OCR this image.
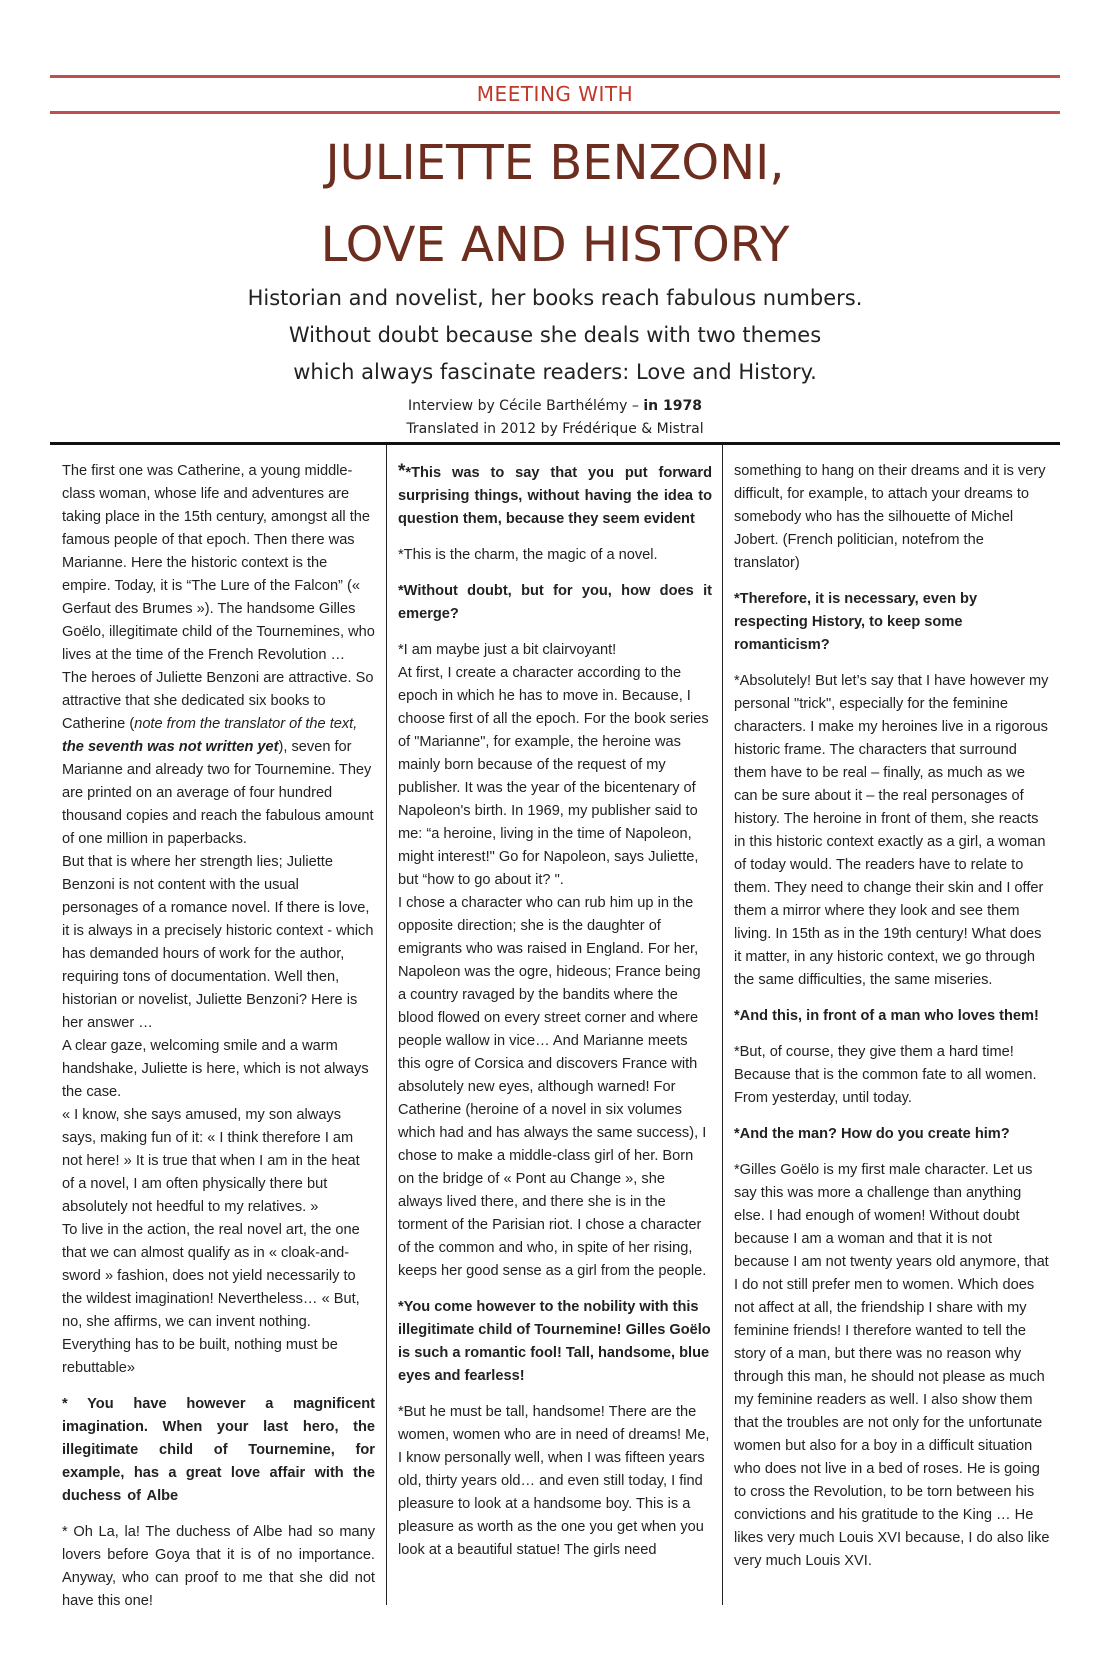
MEETING WITH
JULIETTE BENZONI,
LOVE AND HISTORY
Historian and novelist, her books reach fabulous numbers.
Without doubt because she deals with two themes
which always fascinate readers: Love and History.
Interview by Cécile Barthélémy – in 1978
Translated in 2012 by Frédérique & Mistral

The first one was Catherine, a young middle-class woman, whose life and adventures are taking place in the 15th century, amongst all the famous people of that epoch. Then there was Marianne. Here the historic context is the empire. Today, it is “The Lure of the Falcon” (« Gerfaut des Brumes »). The handsome Gilles Goëlo, illegitimate child of the Tournemines, who lives at the time of the French Revolution …

The heroes of Juliette Benzoni are attractive. So attractive that she dedicated six books to Catherine (note from the translator of the text, the seventh was not written yet), seven for Marianne and already two for Tournemine. They are printed on an average of four hundred thousand copies and reach the fabulous amount of one million in paperbacks.

But that is where her strength lies; Juliette Benzoni is not content with the usual personages of a romance novel. If there is love, it is always in a precisely historic context - which has demanded hours of work for the author, requiring tons of documentation. Well then, historian or novelist, Juliette Benzoni? Here is her answer …

A clear gaze, welcoming smile and a warm handshake, Juliette is here, which is not always the case.

« I know, she says amused, my son always says, making fun of it: « I think therefore I am not here! » It is true that when I am in the heat of a novel, I am often physically there but absolutely not heedful to my relatives. »

To live in the action, the real novel art, the one that we can almost qualify as in « cloak-and-sword » fashion, does not yield necessarily to the wildest imagination! Nevertheless… « But, no, she affirms, we can invent nothing. Everything has to be built, nothing must be rebuttable»

* You have however a magnificent imagination. When your last hero, the illegitimate child of Tournemine, for example, has a great love affair with the duchess of Albe

* Oh La, la! The duchess of Albe had so many lovers before Goya that it is of no importance. Anyway, who can proof to me that she did not have this one!

**This was to say that you put forward surprising things, without having the idea to question them, because they seem evident

*This is the charm, the magic of a novel.

*Without doubt, but for you, how does it emerge?

*I am maybe just a bit clairvoyant!

At first, I create a character according to the epoch in which he has to move in. Because, I choose first of all the epoch. For the book series of "Marianne", for example, the heroine was mainly born because of the request of my publisher. It was the year of the bicentenary of Napoleon's birth. In 1969, my publisher said to me: “a heroine, living in the time of Napoleon, might interest!" Go for Napoleon, says Juliette, but “how to go about it? ".

I chose a character who can rub him up in the opposite direction; she is the daughter of emigrants who was raised in England. For her, Napoleon was the ogre, hideous; France being a country ravaged by the bandits where the blood flowed on every street corner and where people wallow in vice… And Marianne meets this ogre of Corsica and discovers France with absolutely new eyes, although warned! For Catherine (heroine of a novel in six volumes which had and has always the same success), I chose to make a middle-class girl of her. Born on the bridge of « Pont au Change », she always lived there, and there she is in the torment of the Parisian riot. I chose a character of the common and who, in spite of her rising, keeps her good sense as a girl from the people.

*You come however to the nobility with this illegitimate child of Tournemine! Gilles Goëlo is such a romantic fool! Tall, handsome, blue eyes and fearless!

*But he must be tall, handsome! There are the women, women who are in need of dreams! Me, I know personally well, when I was fifteen years old, thirty years old… and even still today, I find pleasure to look at a handsome boy. This is a pleasure as worth as the one you get when you look at a beautiful statue! The girls need

something to hang on their dreams and it is very difficult, for example, to attach your dreams to somebody who has the silhouette of Michel Jobert. (French politician, notefrom the translator)

*Therefore, it is necessary, even by respecting History, to keep some romanticism?

*Absolutely! But let’s say that I have however my personal "trick", especially for the feminine characters. I make my heroines live in a rigorous historic frame. The characters that surround them have to be real – finally, as much as we can be sure about it – the real personages of history. The heroine in front of them, she reacts in this historic context exactly as a girl, a woman of today would. The readers have to relate to them. They need to change their skin and I offer them a mirror where they look and see them living. In 15th as in the 19th century! What does it matter, in any historic context, we go through the same difficulties, the same miseries.

*And this, in front of a man who loves them!

*But, of course, they give them a hard time! Because that is the common fate to all women. From yesterday, until today.

*And the man? How do you create him?

*Gilles Goëlo is my first male character. Let us say this was more a challenge than anything else. I had enough of women! Without doubt because I am a woman and that it is not because I am not twenty years old anymore, that I do not still prefer men to women. Which does not affect at all, the friendship I share with my feminine friends! I therefore wanted to tell the story of a man, but there was no reason why through this man, he should not please as much my feminine readers as well. I also show them that the troubles are not only for the unfortunate women but also for a boy in a difficult situation who does not live in a bed of roses. He is going to cross the Revolution, to be torn between his convictions and his gratitude to the King … He likes very much Louis XVI because, I do also like very much Louis XVI.
